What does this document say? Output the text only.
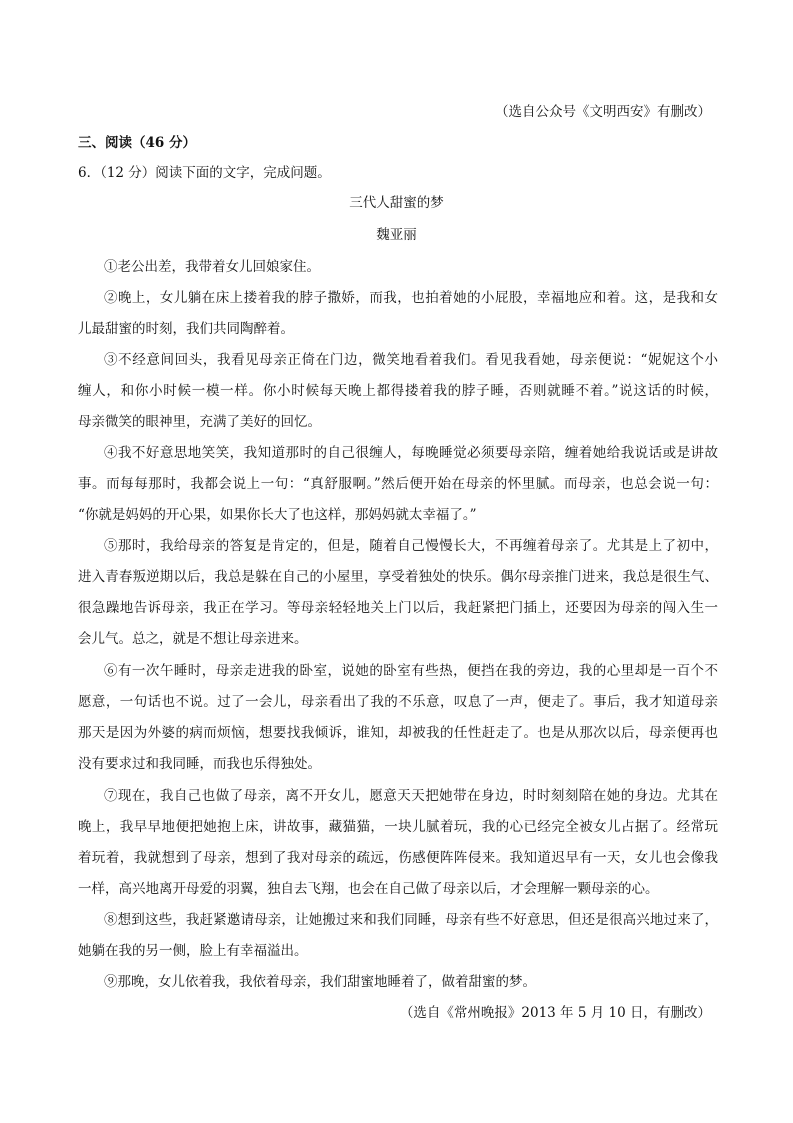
（选自公众号《文明西安》有删改）
三、阅读（46 分）
6．（12 分）阅读下面的文字，完成问题。
三代人甜蜜的梦
魏亚丽
①老公出差，我带着女儿回娘家住。
②晚上，女儿躺在床上搂着我的脖子撒娇，而我，也拍着她的小屁股，幸福地应和着。这，是我和女
儿最甜蜜的时刻，我们共同陶醉着。
③不经意间回头，我看见母亲正倚在门边，微笑地看着我们。看见我看她，母亲便说：“妮妮这个小
缠人，和你小时候一模一样。你小时候每天晚上都得搂着我的脖子睡，否则就睡不着。”说这话的时候，
母亲微笑的眼神里，充满了美好的回忆。
④我不好意思地笑笑，我知道那时的自己很缠人，每晚睡觉必须要母亲陪，缠着她给我说话或是讲故
事。而每每那时，我都会说上一句：“真舒服啊。”然后便开始在母亲的怀里腻。而母亲，也总会说一句：
“你就是妈妈的开心果，如果你长大了也这样，那妈妈就太幸福了。”
⑤那时，我给母亲的答复是肯定的，但是，随着自己慢慢长大，不再缠着母亲了。尤其是上了初中，
进入青春叛逆期以后，我总是躲在自己的小屋里，享受着独处的快乐。偶尔母亲推门进来，我总是很生气、
很急躁地告诉母亲，我正在学习。等母亲轻轻地关上门以后，我赶紧把门插上，还要因为母亲的闯入生一
会儿气。总之，就是不想让母亲进来。
⑥有一次午睡时，母亲走进我的卧室，说她的卧室有些热，便挡在我的旁边，我的心里却是一百个不
愿意，一句话也不说。过了一会儿，母亲看出了我的不乐意，叹息了一声，便走了。事后，我才知道母亲
那天是因为外婆的病而烦恼，想要找我倾诉，谁知，却被我的任性赶走了。也是从那次以后，母亲便再也
没有要求过和我同睡，而我也乐得独处。
⑦现在，我自己也做了母亲，离不开女儿，愿意天天把她带在身边，时时刻刻陪在她的身边。尤其在
晚上，我早早地便把她抱上床，讲故事，藏猫猫，一块儿腻着玩，我的心已经完全被女儿占据了。经常玩
着玩着，我就想到了母亲，想到了我对母亲的疏远，伤感便阵阵侵来。我知道迟早有一天，女儿也会像我
一样，高兴地离开母爱的羽翼，独自去飞翔，也会在自己做了母亲以后，才会理解一颗母亲的心。
⑧想到这些，我赶紧邀请母亲，让她搬过来和我们同睡，母亲有些不好意思，但还是很高兴地过来了，
她躺在我的另一侧，脸上有幸福溢出。
⑨那晚，女儿依着我，我依着母亲，我们甜蜜地睡着了，做着甜蜜的梦。
（选自《常州晚报》2013 年 5 月 10 日，有删改）
